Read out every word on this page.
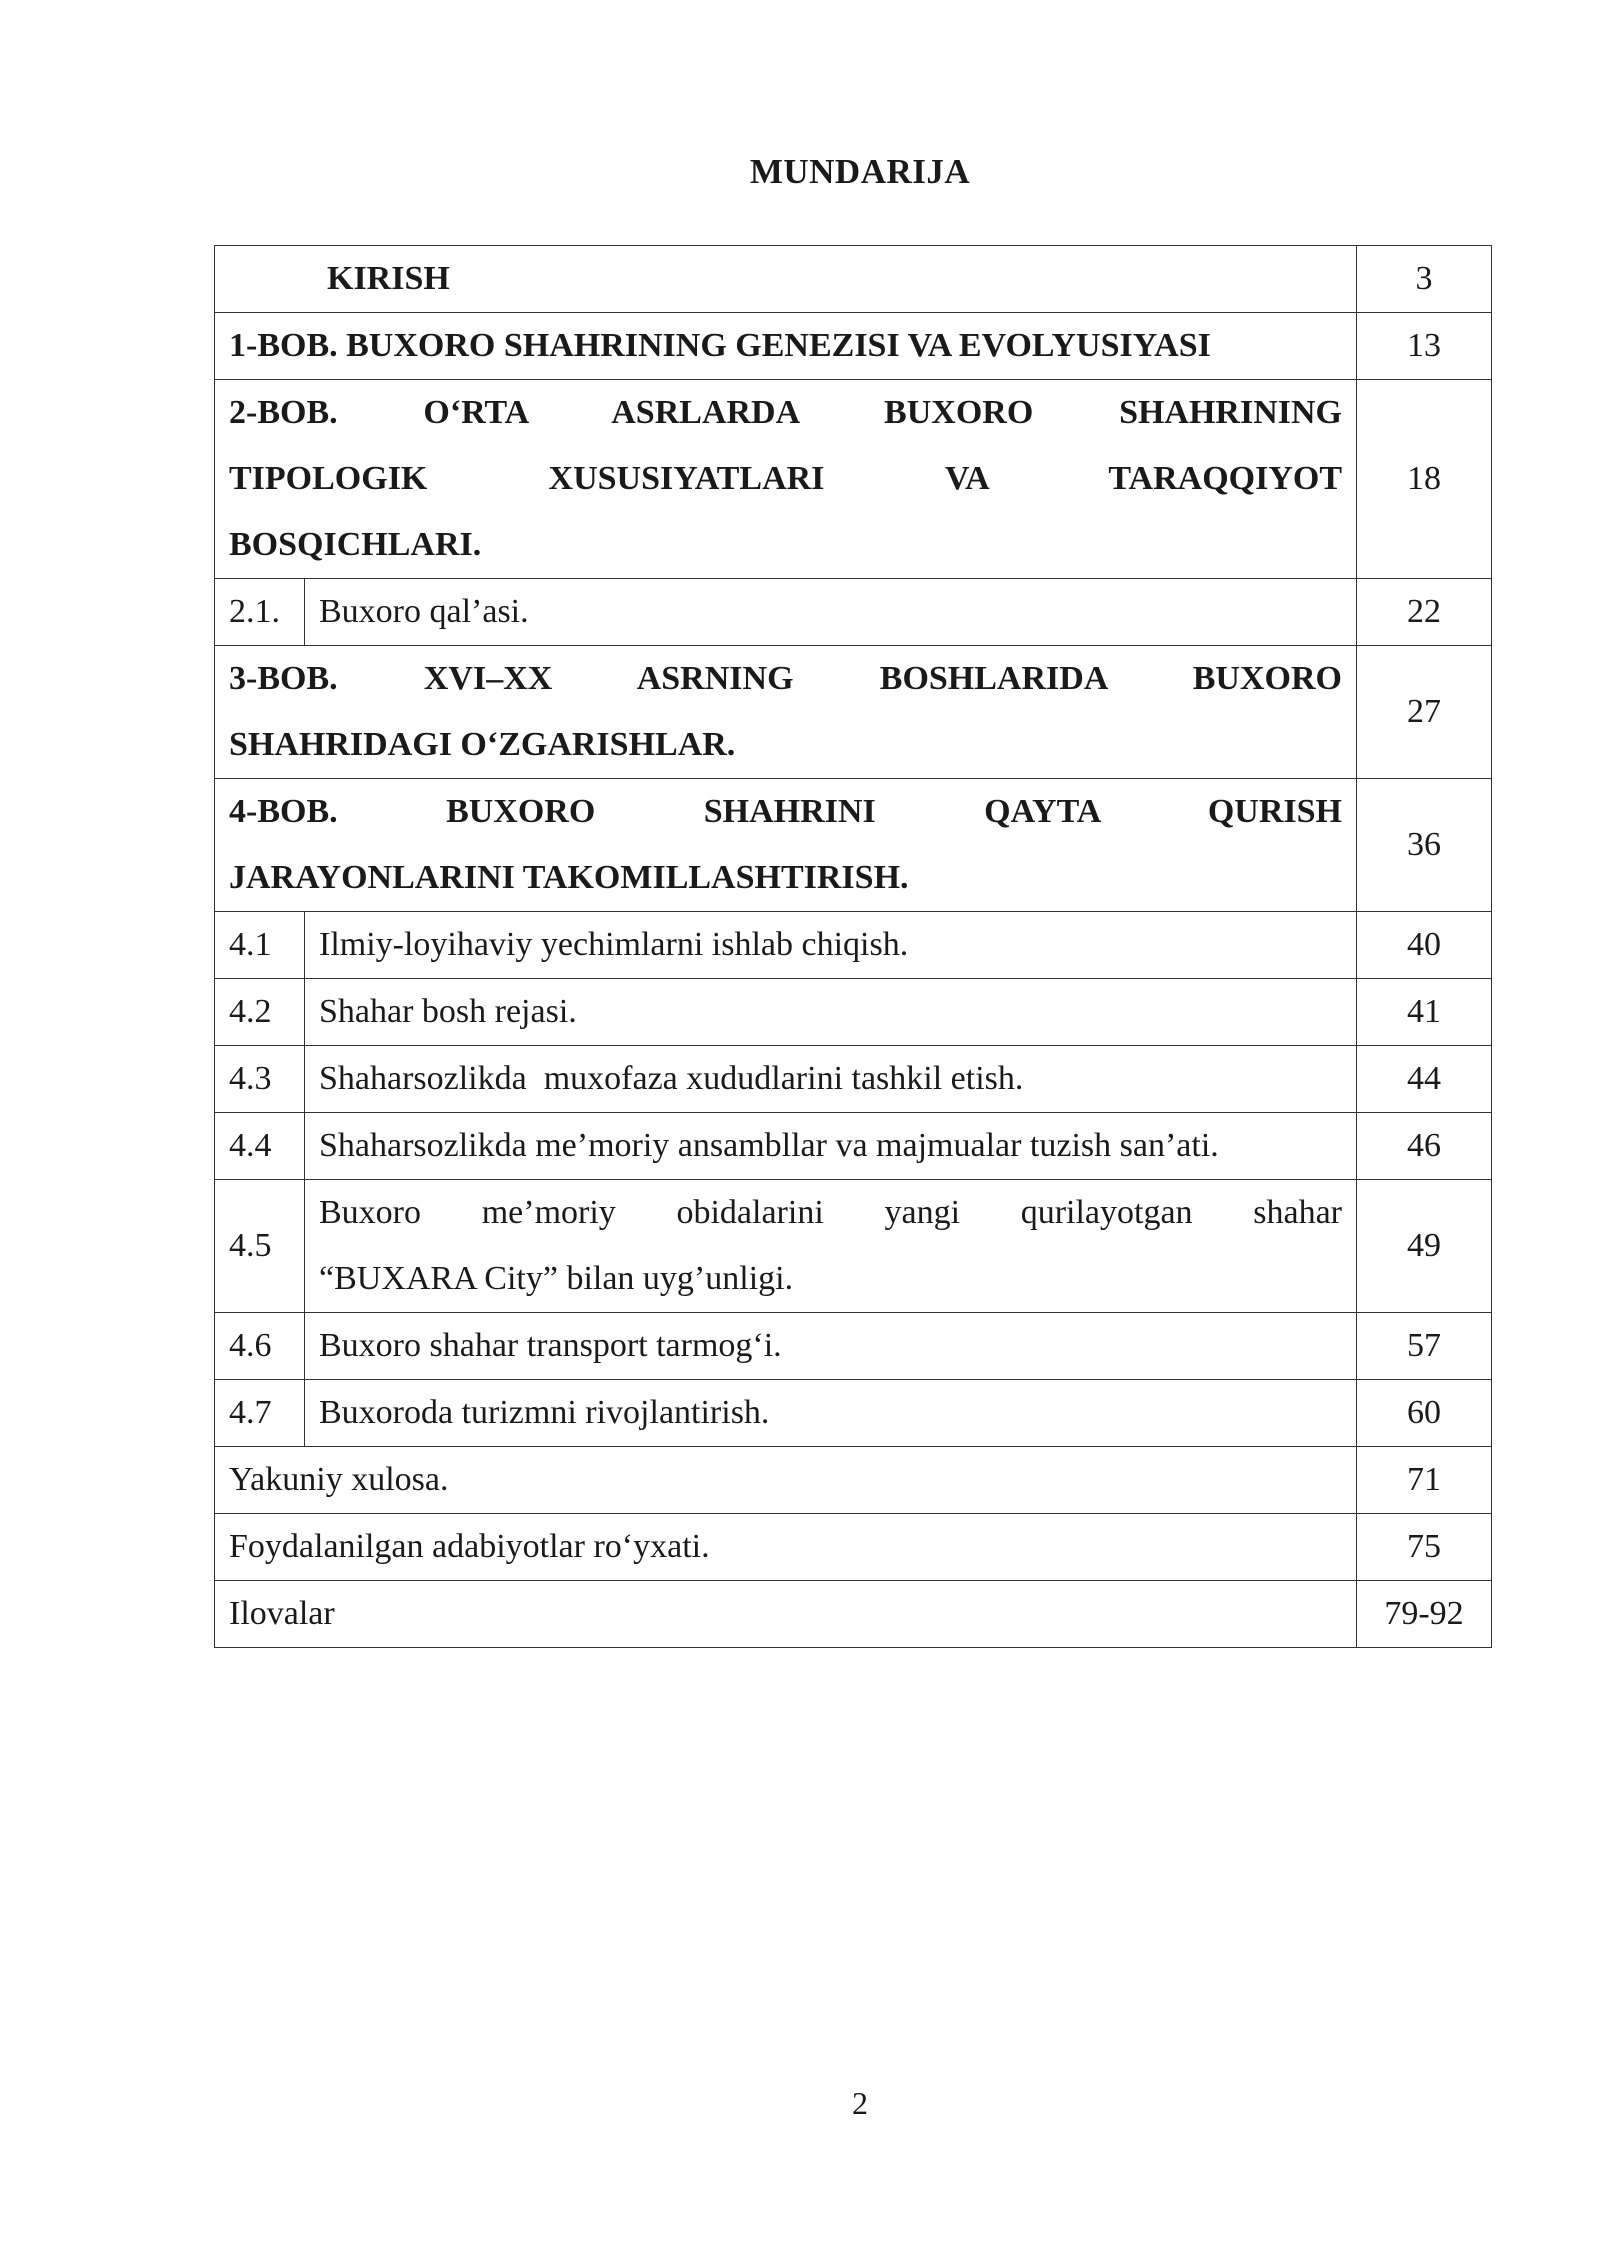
MUNDARIJA
KIRISH		3
1-BOB. BUXORO SHAHRINING GENEZISI VA EVOLYUSIYASI		13

2-BOB. O‘RTA ASRLARDA BUXORO SHAHRINING
TIPOLOGIK XUSUSIYATLARI VA TARAQQIYOT
BOSQICHLARI.		18
2.1.	Buxoro qal’asi.	22

3-BOB. XVI–XX ASRNING BOSHLARIDA BUXORO
SHAHRIDAGI O‘ZGARISHLAR.		27

4-BOB. BUXORO SHAHRINI QAYTA QURISH
JARAYONLARINI TAKOMILLASHTIRISH.		36
4.1	Ilmiy-loyihaviy yechimlarni ishlab chiqish.	40
4.2	Shahar bosh rejasi.	41
4.3	Shaharsozlikda  muxofaza xududlarini tashkil etish.	44
4.4	Shaharsozlikda me’moriy ansambllar va majmualar tuzish san’ati.	46
4.5	Buxoro me’moriy obidalarini yangi qurilayotgan shahar
“BUXARA City” bilan uyg’unligi.	49
4.6	Buxoro shahar transport tarmog‘i.	57
4.7	Buxoroda turizmni rivojlantirish.	60
Yakuniy xulosa.		71
Foydalanilgan adabiyotlar ro‘yxati.		75
Ilovalar		79-92
2
